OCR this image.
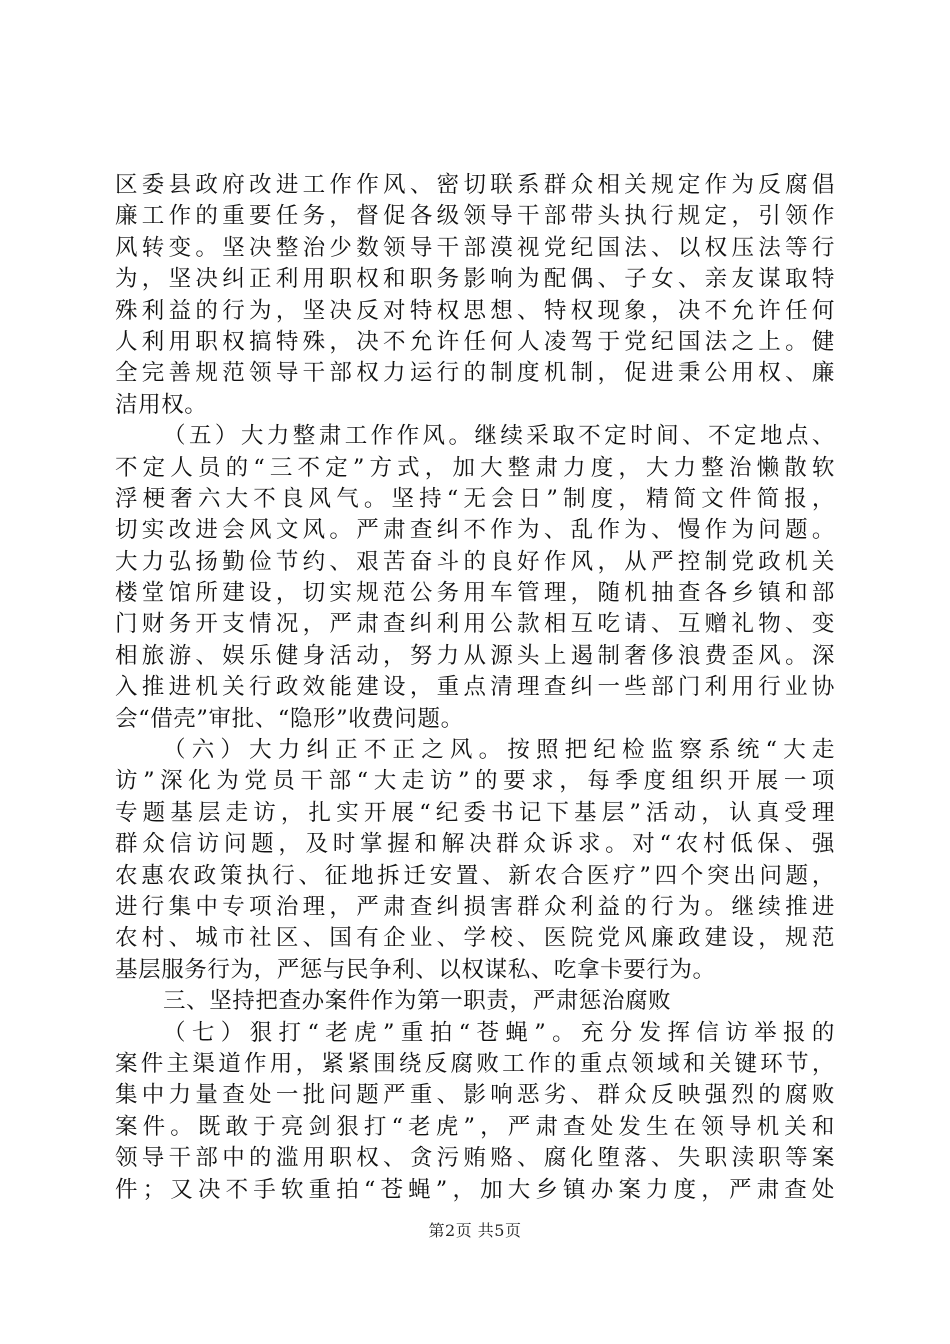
区委县政府改进工作作风、密切联系群众相关规定作为反腐倡
廉工作的重要任务，督促各级领导干部带头执行规定，引领作
风转变。坚决整治少数领导干部漠视党纪国法、以权压法等行
为，坚决纠正利用职权和职务影响为配偶、子女、亲友谋取特
殊利益的行为，坚决反对特权思想、特权现象，决不允许任何
人利用职权搞特殊，决不允许任何人凌驾于党纪国法之上。健
全完善规范领导干部权力运行的制度机制，促进秉公用权、廉
洁用权。
（五）大力整肃工作作风。继续采取不定时间、不定地点、
不定人员的“三不定”方式，加大整肃力度，大力整治懒散软
浮梗奢六大不良风气。坚持“无会日”制度，精简文件简报，
切实改进会风文风。严肃查纠不作为、乱作为、慢作为问题。
大力弘扬勤俭节约、艰苦奋斗的良好作风，从严控制党政机关
楼堂馆所建设，切实规范公务用车管理，随机抽查各乡镇和部
门财务开支情况，严肃查纠利用公款相互吃请、互赠礼物、变
相旅游、娱乐健身活动，努力从源头上遏制奢侈浪费歪风。深
入推进机关行政效能建设，重点清理查纠一些部门利用行业协
会“借壳”审批、“隐形”收费问题。
（六）大力纠正不正之风。按照把纪检监察系统“大走
访”深化为党员干部“大走访”的要求，每季度组织开展一项
专题基层走访，扎实开展“纪委书记下基层”活动，认真受理
群众信访问题，及时掌握和解决群众诉求。对“农村低保、强
农惠农政策执行、征地拆迁安置、新农合医疗”四个突出问题，
进行集中专项治理，严肃查纠损害群众利益的行为。继续推进
农村、城市社区、国有企业、学校、医院党风廉政建设，规范
基层服务行为，严惩与民争利、以权谋私、吃拿卡要行为。
三、坚持把查办案件作为第一职责，严肃惩治腐败
（七）狠打“老虎”重拍“苍蝇”。充分发挥信访举报的
案件主渠道作用，紧紧围绕反腐败工作的重点领域和关键环节，
集中力量查处一批问题严重、影响恶劣、群众反映强烈的腐败
案件。既敢于亮剑狠打“老虎”，严肃查处发生在领导机关和
领导干部中的滥用职权、贪污贿赂、腐化堕落、失职渎职等案
件；又决不手软重拍“苍蝇”，加大乡镇办案力度，严肃查处
第2页 共5页
